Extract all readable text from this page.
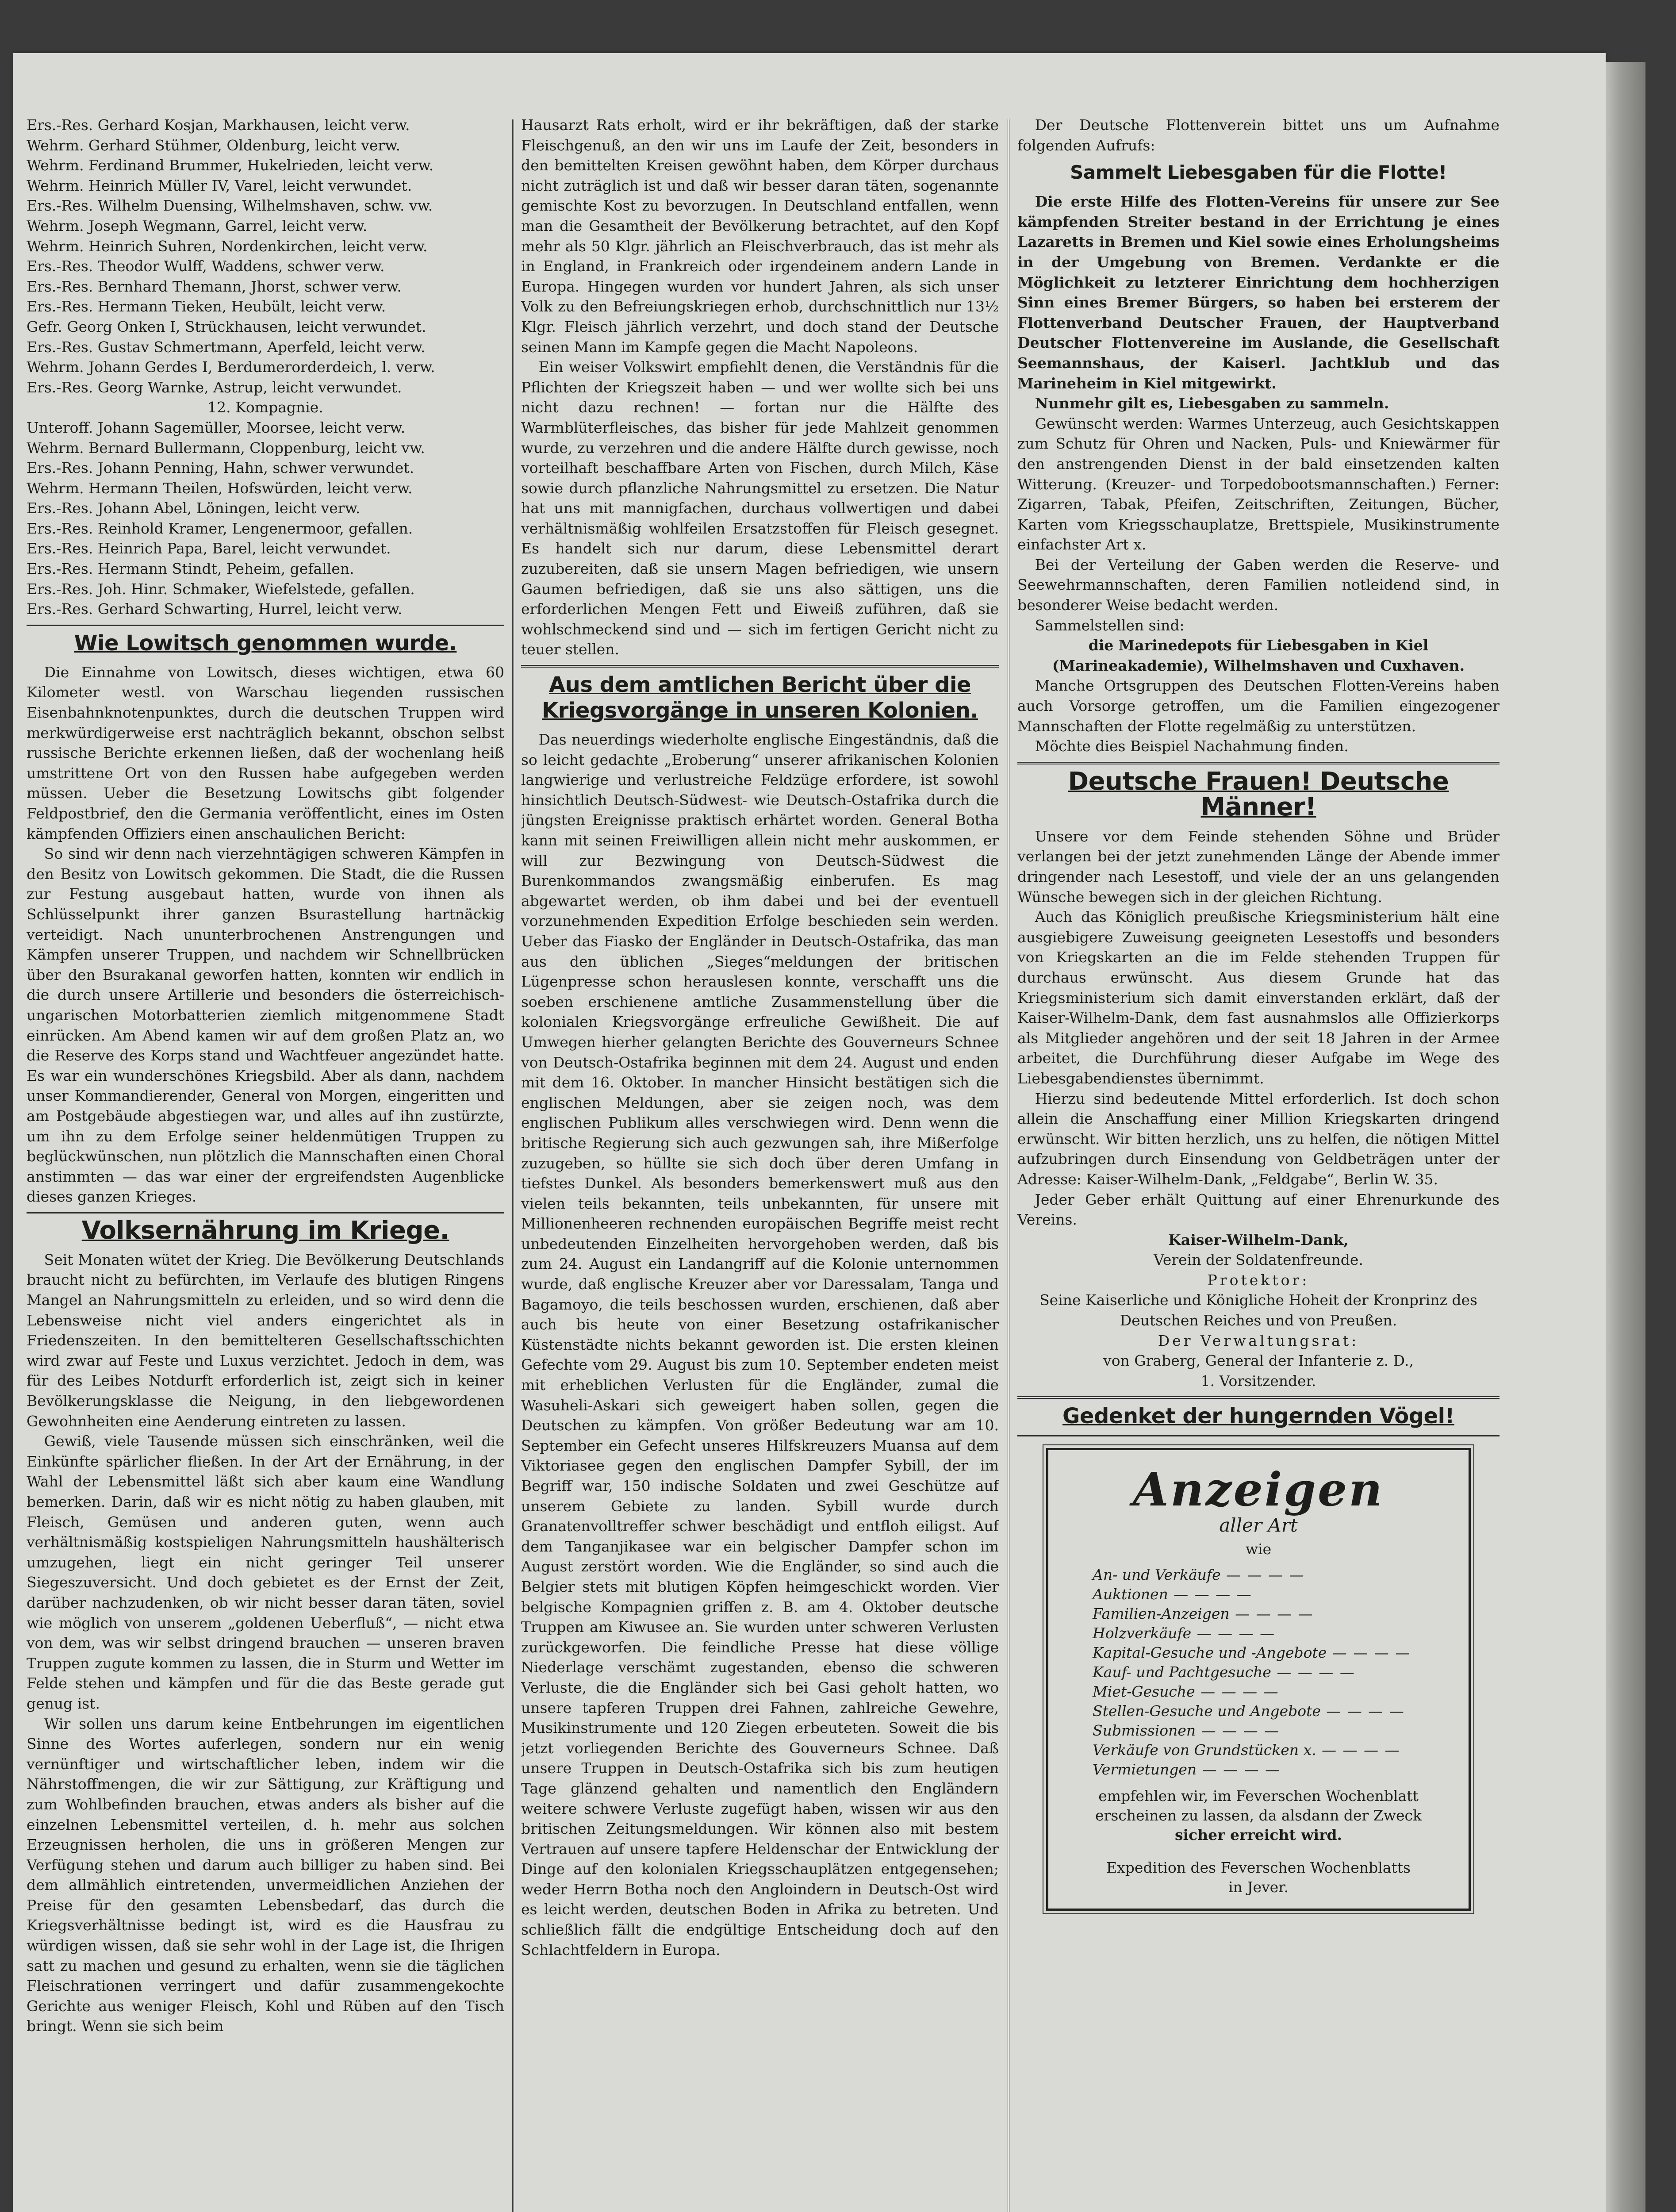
Ers.-Res. Gerhard Kosjan, Markhausen, leicht verw.

Wehrm. Gerhard Stühmer, Oldenburg, leicht verw.

Wehrm. Ferdinand Brummer, Hukelrieden, leicht verw.

Wehrm. Heinrich Müller IV, Varel, leicht verwundet.

Ers.-Res. Wilhelm Duensing, Wilhelmshaven, schw. vw.

Wehrm. Joseph Wegmann, Garrel, leicht verw.

Wehrm. Heinrich Suhren, Nordenkirchen, leicht verw.

Ers.-Res. Theodor Wulff, Waddens, schwer verw.

Ers.-Res. Bernhard Themann, Jhorst, schwer verw.

Ers.-Res. Hermann Tieken, Heubült, leicht verw.

Gefr. Georg Onken I, Strückhausen, leicht verwundet.

Ers.-Res. Gustav Schmertmann, Aperfeld, leicht verw.

Wehrm. Johann Gerdes I, Berdumerorderdeich, l. verw.

Ers.-Res. Georg Warnke, Astrup, leicht verwundet.

12. Kompagnie.

Unteroff. Johann Sagemüller, Moorsee, leicht verw.

Wehrm. Bernard Bullermann, Cloppenburg, leicht vw.

Ers.-Res. Johann Penning, Hahn, schwer verwundet.

Wehrm. Hermann Theilen, Hofswürden, leicht verw.

Ers.-Res. Johann Abel, Löningen, leicht verw.

Ers.-Res. Reinhold Kramer, Lengenermoor, gefallen.

Ers.-Res. Heinrich Papa, Barel, leicht verwundet.

Ers.-Res. Hermann Stindt, Peheim, gefallen.

Ers.-Res. Joh. Hinr. Schmaker, Wiefelstede, gefallen.

Ers.-Res. Gerhard Schwarting, Hurrel, leicht verw.

Wie Lowitsch genommen wurde.

Die Einnahme von Lowitsch, dieses wichtigen, etwa 60 Kilometer westl. von Warschau liegenden russischen Eisenbahnknotenpunktes, durch die deutschen Truppen wird merkwürdigerweise erst nachträglich bekannt, obschon selbst russische Berichte erkennen ließen, daß der wochenlang heiß umstrittene Ort von den Russen habe aufgegeben werden müssen. Ueber die Besetzung Lowitschs gibt folgender Feldpostbrief, den die Germania veröffentlicht, eines im Osten kämpfenden Offiziers einen anschaulichen Bericht:

So sind wir denn nach vierzehntägigen schweren Kämpfen in den Besitz von Lowitsch gekommen. Die Stadt, die die Russen zur Festung ausgebaut hatten, wurde von ihnen als Schlüsselpunkt ihrer ganzen Bsurastellung hartnäckig verteidigt. Nach ununterbrochenen Anstrengungen und Kämpfen unserer Truppen, und nachdem wir Schnellbrücken über den Bsurakanal geworfen hatten, konnten wir endlich in die durch unsere Artillerie und besonders die österreichisch-ungarischen Motorbatterien ziemlich mitgenommene Stadt einrücken. Am Abend kamen wir auf dem großen Platz an, wo die Reserve des Korps stand und Wachtfeuer angezündet hatte. Es war ein wunderschönes Kriegsbild. Aber als dann, nachdem unser Kommandierender, General von Morgen, eingeritten und am Postgebäude abgestiegen war, und alles auf ihn zustürzte, um ihn zu dem Erfolge seiner heldenmütigen Truppen zu beglückwünschen, nun plötzlich die Mannschaften einen Choral anstimmten — das war einer der ergreifendsten Augenblicke dieses ganzen Krieges.

Volksernährung im Kriege.

Seit Monaten wütet der Krieg. Die Bevölkerung Deutschlands braucht nicht zu befürchten, im Verlaufe des blutigen Ringens Mangel an Nahrungsmitteln zu erleiden, und so wird denn die Lebensweise nicht viel anders eingerichtet als in Friedenszeiten. In den bemittelteren Gesellschaftsschichten wird zwar auf Feste und Luxus verzichtet. Jedoch in dem, was für des Leibes Notdurft erforderlich ist, zeigt sich in keiner Bevölkerungsklasse die Neigung, in den liebgewordenen Gewohnheiten eine Aenderung eintreten zu lassen.

Gewiß, viele Tausende müssen sich einschränken, weil die Einkünfte spärlicher fließen. In der Art der Ernährung, in der Wahl der Lebensmittel läßt sich aber kaum eine Wandlung bemerken. Darin, daß wir es nicht nötig zu haben glauben, mit Fleisch, Gemüsen und anderen guten, wenn auch verhältnismäßig kostspieligen Nahrungsmitteln haushälterisch umzugehen, liegt ein nicht geringer Teil unserer Siegeszuversicht. Und doch gebietet es der Ernst der Zeit, darüber nachzudenken, ob wir nicht besser daran täten, soviel wie möglich von unserem „goldenen Ueberfluß“, — nicht etwa von dem, was wir selbst dringend brauchen — unseren braven Truppen zugute kommen zu lassen, die in Sturm und Wetter im Felde stehen und kämpfen und für die das Beste gerade gut genug ist.

Wir sollen uns darum keine Entbehrungen im eigentlichen Sinne des Wortes auferlegen, sondern nur ein wenig vernünftiger und wirtschaftlicher leben, indem wir die Nährstoffmengen, die wir zur Sättigung, zur Kräftigung und zum Wohlbefinden brauchen, etwas anders als bisher auf die einzelnen Lebensmittel verteilen, d. h. mehr aus solchen Erzeugnissen herholen, die uns in größeren Mengen zur Verfügung stehen und darum auch billiger zu haben sind. Bei dem allmählich eintretenden, unvermeidlichen Anziehen der Preise für den gesamten Lebensbedarf, das durch die Kriegsverhältnisse bedingt ist, wird es die Hausfrau zu würdigen wissen, daß sie sehr wohl in der Lage ist, die Ihrigen satt zu machen und gesund zu erhalten, wenn sie die täglichen Fleischrationen verringert und dafür zusammengekochte Gerichte aus weniger Fleisch, Kohl und Rüben auf den Tisch bringt. Wenn sie sich beim

Hausarzt Rats erholt, wird er ihr bekräftigen, daß der starke Fleischgenuß, an den wir uns im Laufe der Zeit, besonders in den bemittelten Kreisen gewöhnt haben, dem Körper durchaus nicht zuträglich ist und daß wir besser daran täten, sogenannte gemischte Kost zu bevorzugen. In Deutschland entfallen, wenn man die Gesamtheit der Bevölkerung betrachtet, auf den Kopf mehr als 50 Klgr. jährlich an Fleischverbrauch, das ist mehr als in England, in Frankreich oder irgendeinem andern Lande in Europa. Hingegen wurden vor hundert Jahren, als sich unser Volk zu den Befreiungskriegen erhob, durchschnittlich nur 13½ Klgr. Fleisch jährlich verzehrt, und doch stand der Deutsche seinen Mann im Kampfe gegen die Macht Napoleons.

Ein weiser Volkswirt empfiehlt denen, die Verständnis für die Pflichten der Kriegszeit haben — und wer wollte sich bei uns nicht dazu rechnen! — fortan nur die Hälfte des Warmblüterfleisches, das bisher für jede Mahlzeit genommen wurde, zu verzehren und die andere Hälfte durch gewisse, noch vorteilhaft beschaffbare Arten von Fischen, durch Milch, Käse sowie durch pflanzliche Nahrungsmittel zu ersetzen. Die Natur hat uns mit mannigfachen, durchaus vollwertigen und dabei verhältnismäßig wohlfeilen Ersatzstoffen für Fleisch gesegnet. Es handelt sich nur darum, diese Lebensmittel derart zuzubereiten, daß sie unsern Magen befriedigen, wie unsern Gaumen befriedigen, daß sie uns also sättigen, uns die erforderlichen Mengen Fett und Eiweiß zuführen, daß sie wohlschmeckend sind und — sich im fertigen Gericht nicht zu teuer stellen.

Aus dem amtlichen Bericht über die Kriegsvorgänge in unseren Kolonien.

Das neuerdings wiederholte englische Eingeständnis, daß die so leicht gedachte „Eroberung“ unserer afrikanischen Kolonien langwierige und verlustreiche Feldzüge erfordere, ist sowohl hinsichtlich Deutsch-Südwest- wie Deutsch-Ostafrika durch die jüngsten Ereignisse praktisch erhärtet worden. General Botha kann mit seinen Freiwilligen allein nicht mehr auskommen, er will zur Bezwingung von Deutsch-Südwest die Burenkommandos zwangsmäßig einberufen. Es mag abgewartet werden, ob ihm dabei und bei der eventuell vorzunehmenden Expedition Erfolge beschieden sein werden. Ueber das Fiasko der Engländer in Deutsch-Ostafrika, das man aus den üblichen „Sieges“meldungen der britischen Lügenpresse schon herauslesen konnte, verschafft uns die soeben erschienene amtliche Zusammenstellung über die kolonialen Kriegsvorgänge erfreuliche Gewißheit. Die auf Umwegen hierher gelangten Berichte des Gouverneurs Schnee von Deutsch-Ostafrika beginnen mit dem 24. August und enden mit dem 16. Oktober. In mancher Hinsicht bestätigen sich die englischen Meldungen, aber sie zeigen noch, was dem englischen Publikum alles verschwiegen wird. Denn wenn die britische Regierung sich auch gezwungen sah, ihre Mißerfolge zuzugeben, so hüllte sie sich doch über deren Umfang in tiefstes Dunkel. Als besonders bemerkenswert muß aus den vielen teils bekannten, teils unbekannten, für unsere mit Millionenheeren rechnenden europäischen Begriffe meist recht unbedeutenden Einzelheiten hervorgehoben werden, daß bis zum 24. August ein Landangriff auf die Kolonie unternommen wurde, daß englische Kreuzer aber vor Daressalam, Tanga und Bagamoyo, die teils beschossen wurden, erschienen, daß aber auch bis heute von einer Besetzung ostafrikanischer Küstenstädte nichts bekannt geworden ist. Die ersten kleinen Gefechte vom 29. August bis zum 10. September endeten meist mit erheblichen Verlusten für die Engländer, zumal die Wasuheli-Askari sich geweigert haben sollen, gegen die Deutschen zu kämpfen. Von größer Bedeutung war am 10. September ein Gefecht unseres Hilfskreuzers Muansa auf dem Viktoriasee gegen den englischen Dampfer Sybill, der im Begriff war, 150 indische Soldaten und zwei Geschütze auf unserem Gebiete zu landen. Sybill wurde durch Granatenvolltreffer schwer beschädigt und entfloh eiligst. Auf dem Tanganjikasee war ein belgischer Dampfer schon im August zerstört worden. Wie die Engländer, so sind auch die Belgier stets mit blutigen Köpfen heimgeschickt worden. Vier belgische Kompagnien griffen z. B. am 4. Oktober deutsche Truppen am Kiwusee an. Sie wurden unter schweren Verlusten zurückgeworfen. Die feindliche Presse hat diese völlige Niederlage verschämt zugestanden, ebenso die schweren Verluste, die die Engländer sich bei Gasi geholt hatten, wo unsere tapferen Truppen drei Fahnen, zahlreiche Gewehre, Musikinstrumente und 120 Ziegen erbeuteten. Soweit die bis jetzt vorliegenden Berichte des Gouverneurs Schnee. Daß unsere Truppen in Deutsch-Ostafrika sich bis zum heutigen Tage glänzend gehalten und namentlich den Engländern weitere schwere Verluste zugefügt haben, wissen wir aus den britischen Zeitungsmeldungen. Wir können also mit bestem Vertrauen auf unsere tapfere Heldenschar der Entwicklung der Dinge auf den kolonialen Kriegsschauplätzen entgegensehen; weder Herrn Botha noch den Angloindern in Deutsch-Ost wird es leicht werden, deutschen Boden in Afrika zu betreten. Und schließlich fällt die endgültige Entscheidung doch auf den Schlachtfeldern in Europa.

Der Deutsche Flottenverein bittet uns um Aufnahme folgenden Aufrufs:

Sammelt Liebesgaben für die Flotte!

Die erste Hilfe des Flotten-Vereins für unsere zur See kämpfenden Streiter bestand in der Errichtung je eines Lazaretts in Bremen und Kiel sowie eines Erholungsheims in der Umgebung von Bremen. Verdankte er die Möglichkeit zu letzterer Einrichtung dem hochherzigen Sinn eines Bremer Bürgers, so haben bei ersterem der Flottenverband Deutscher Frauen, der Hauptverband Deutscher Flottenvereine im Auslande, die Gesellschaft Seemannshaus, der Kaiserl. Jachtklub und das Marineheim in Kiel mitgewirkt.

Nunmehr gilt es, Liebesgaben zu sammeln.

Gewünscht werden: Warmes Unterzeug, auch Gesichtskappen zum Schutz für Ohren und Nacken, Puls- und Kniewärmer für den anstrengenden Dienst in der bald einsetzenden kalten Witterung. (Kreuzer- und Torpedobootsmannschaften.) Ferner: Zigarren, Tabak, Pfeifen, Zeitschriften, Zeitungen, Bücher, Karten vom Kriegsschauplatze, Brettspiele, Musikinstrumente einfachster Art x.

Bei der Verteilung der Gaben werden die Reserve- und Seewehrmannschaften, deren Familien notleidend sind, in besonderer Weise bedacht werden.

Sammelstellen sind:

die Marinedepots für Liebesgaben in Kiel (Marineakademie), Wilhelmshaven und Cuxhaven.

Manche Ortsgruppen des Deutschen Flotten-Vereins haben auch Vorsorge getroffen, um die Familien eingezogener Mannschaften der Flotte regelmäßig zu unterstützen.

Möchte dies Beispiel Nachahmung finden.

Deutsche Frauen! Deutsche Männer!

Unsere vor dem Feinde stehenden Söhne und Brüder verlangen bei der jetzt zunehmenden Länge der Abende immer dringender nach Lesestoff, und viele der an uns gelangenden Wünsche bewegen sich in der gleichen Richtung.

Auch das Königlich preußische Kriegsministerium hält eine ausgiebigere Zuweisung geeigneten Lesestoffs und besonders von Kriegskarten an die im Felde stehenden Truppen für durchaus erwünscht. Aus diesem Grunde hat das Kriegsministerium sich damit einverstanden erklärt, daß der Kaiser-Wilhelm-Dank, dem fast ausnahmslos alle Offizierkorps als Mitglieder angehören und der seit 18 Jahren in der Armee arbeitet, die Durchführung dieser Aufgabe im Wege des Liebesgabendienstes übernimmt.

Hierzu sind bedeutende Mittel erforderlich. Ist doch schon allein die Anschaffung einer Million Kriegskarten dringend erwünscht. Wir bitten herzlich, uns zu helfen, die nötigen Mittel aufzubringen durch Einsendung von Geldbeträgen unter der Adresse: Kaiser-Wilhelm-Dank, „Feldgabe“, Berlin W. 35.

Jeder Geber erhält Quittung auf einer Ehrenurkunde des Vereins.

Kaiser-Wilhelm-Dank,

Verein der Soldatenfreunde.

Protektor:

Seine Kaiserliche und Königliche Hoheit der Kronprinz des Deutschen Reiches und von Preußen.

Der Verwaltungsrat:

von Graberg, General der Infanterie z. D.,

1. Vorsitzender.

Gedenket der hungernden Vögel!
Anzeigen
aller Art
wie
An- und Verkäufe — — — —
Auktionen — — — —
Familien-Anzeigen — — — —
Holzverkäufe — — — —
Kapital-Gesuche und -Angebote — — — —
Kauf- und Pachtgesuche — — — —
Miet-Gesuche — — — —
Stellen-Gesuche und Angebote — — — —
Submissionen — — — —
Verkäufe von Grundstücken x. — — — —
Vermietungen — — — —
empfehlen wir, im Feverschen Wochenblatt
erscheinen zu lassen, da alsdann der Zweck
sicher erreicht wird.
Expedition des Feverschen Wochenblatts
in Jever.
